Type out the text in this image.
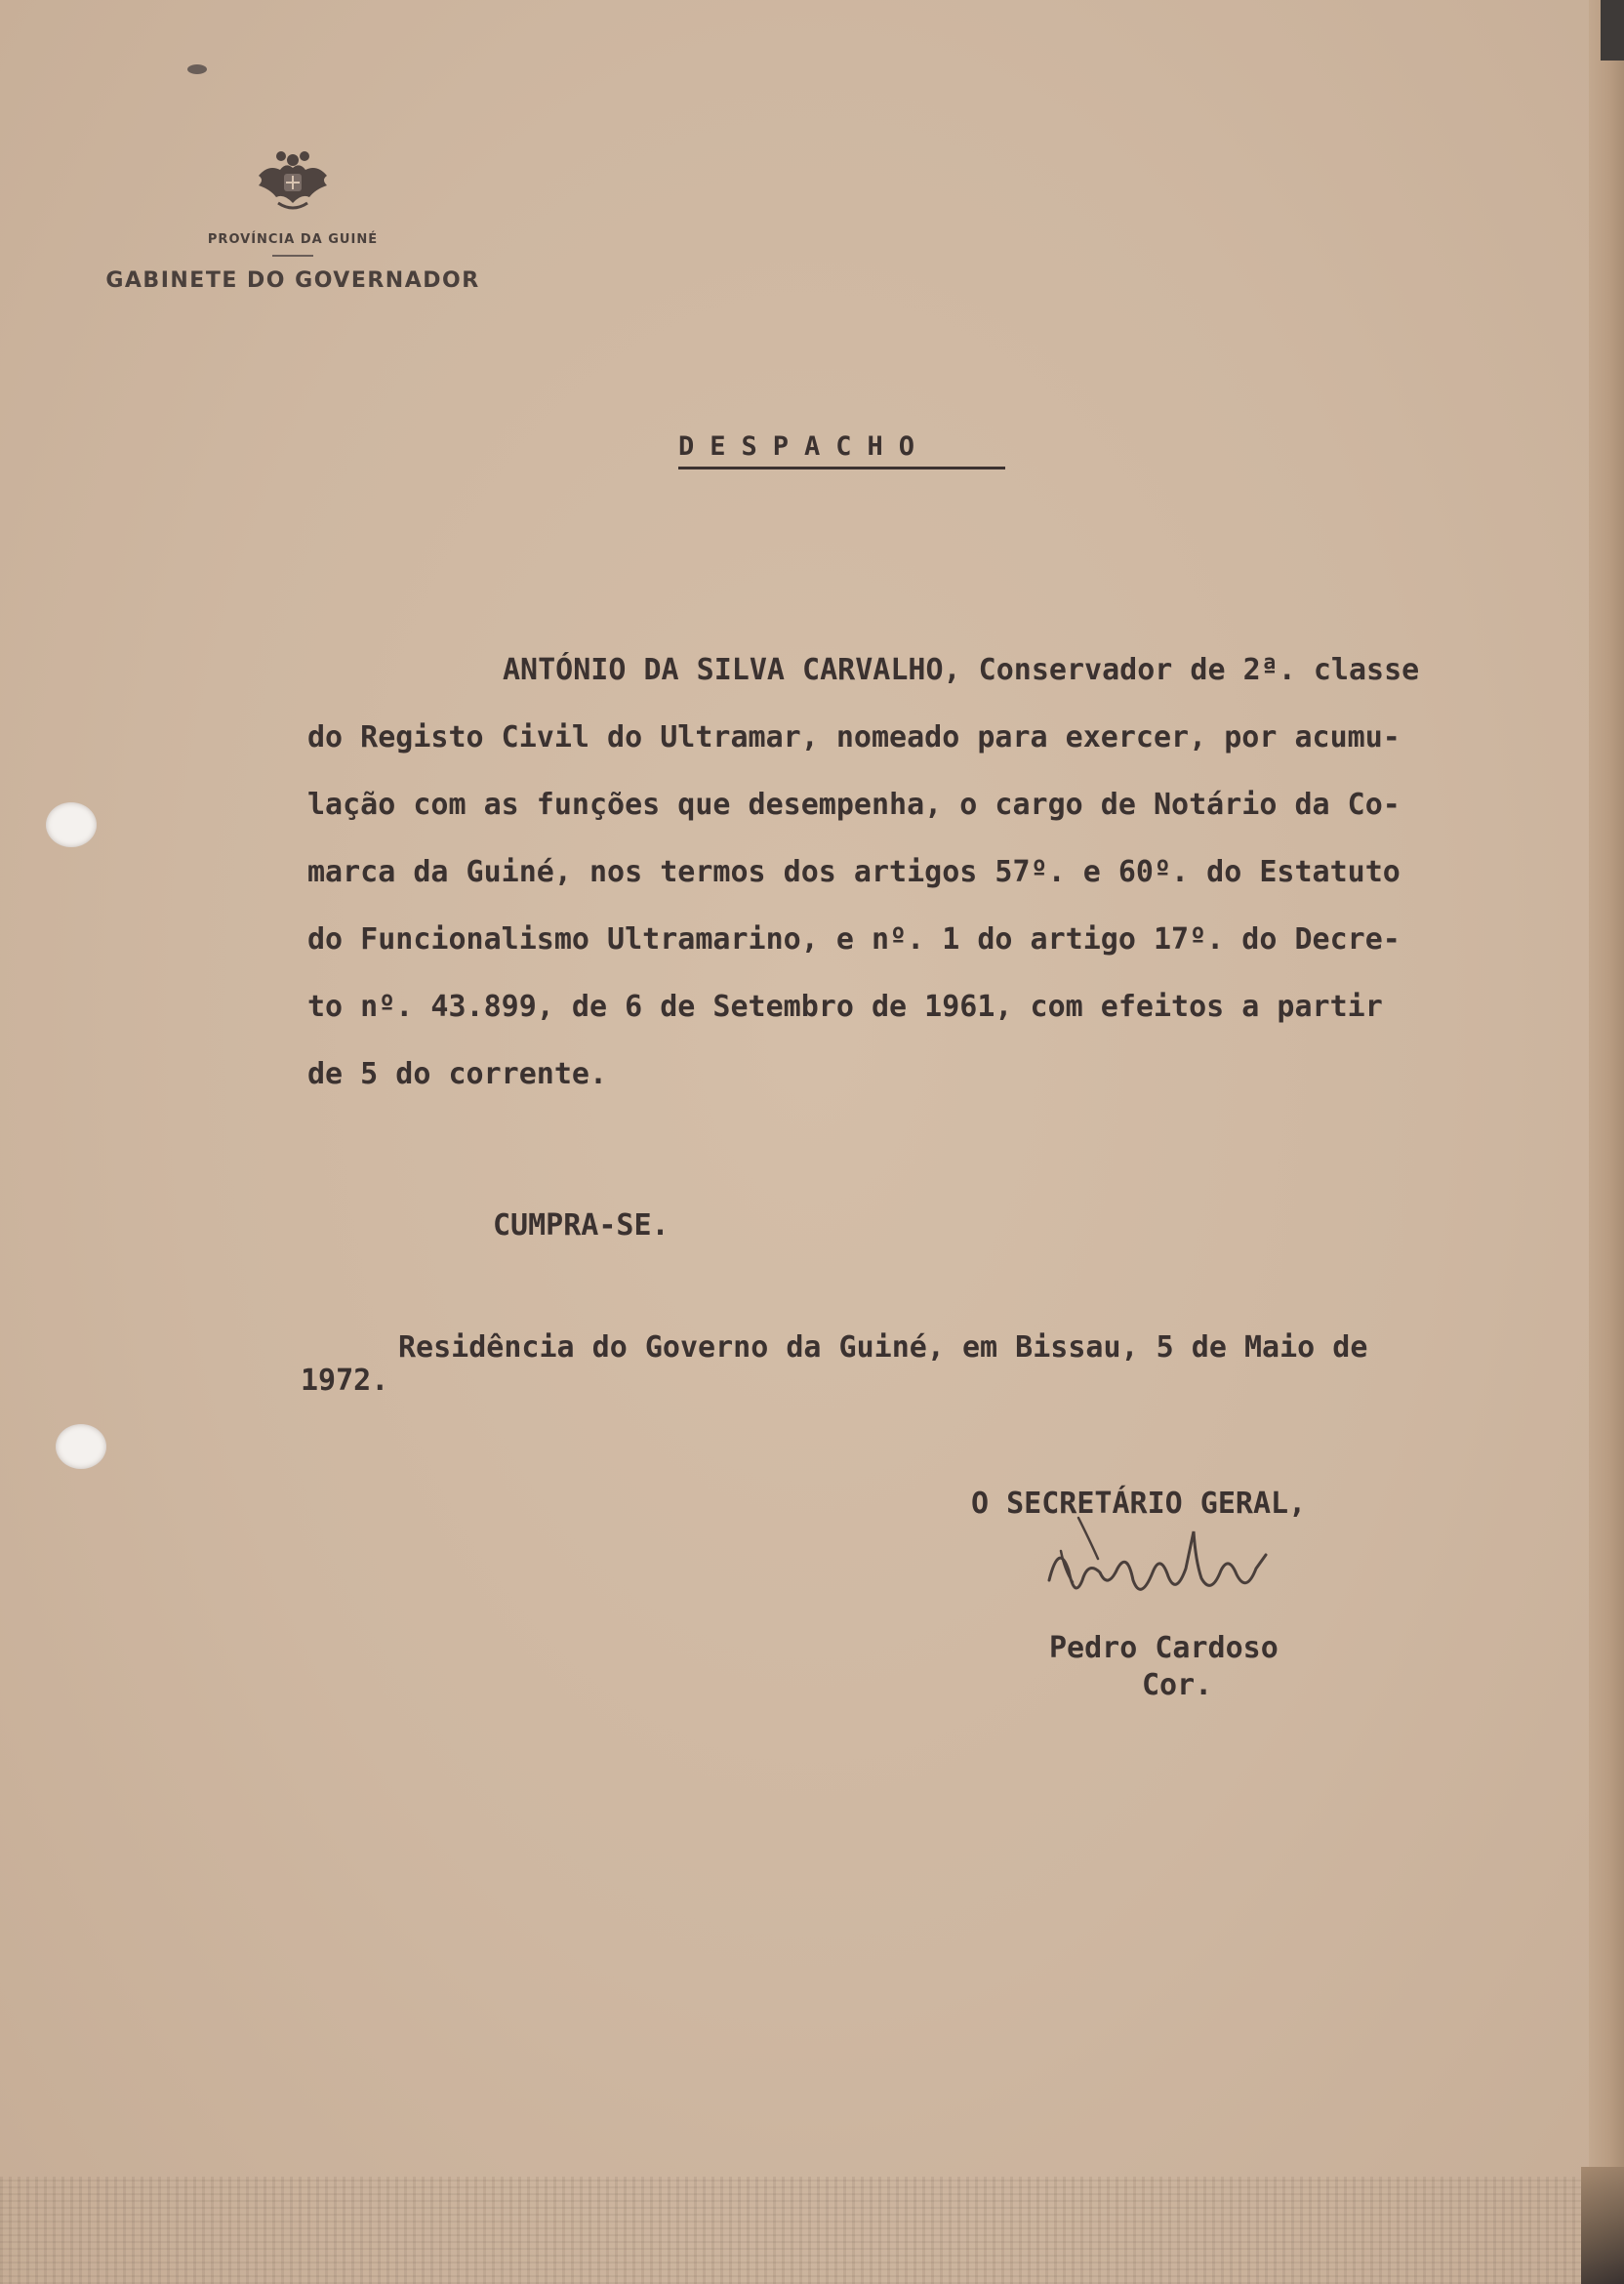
PROVÍNCIA DA GUINÉ
GABINETE DO GOVERNADOR
DESPACHO
ANTÓNIO DA SILVA CARVALHO, Conservador de 2ª. classe
do Registo Civil do Ultramar, nomeado para exercer, por acumu-
lação com as funções que desempenha, o cargo de Notário da Co-
marca da Guiné, nos termos dos artigos 57º. e 60º. do Estatuto
do Funcionalismo Ultramarino, e nº. 1 do artigo 17º. do Decre-
to nº. 43.899, de 6 de Setembro de 1961, com efeitos a partir
de 5 do corrente.
CUMPRA-SE.
Residência do Governo da Guiné, em Bissau, 5 de Maio de
1972.
O SECRETÁRIO GERAL,
Pedro Cardoso
Cor.
